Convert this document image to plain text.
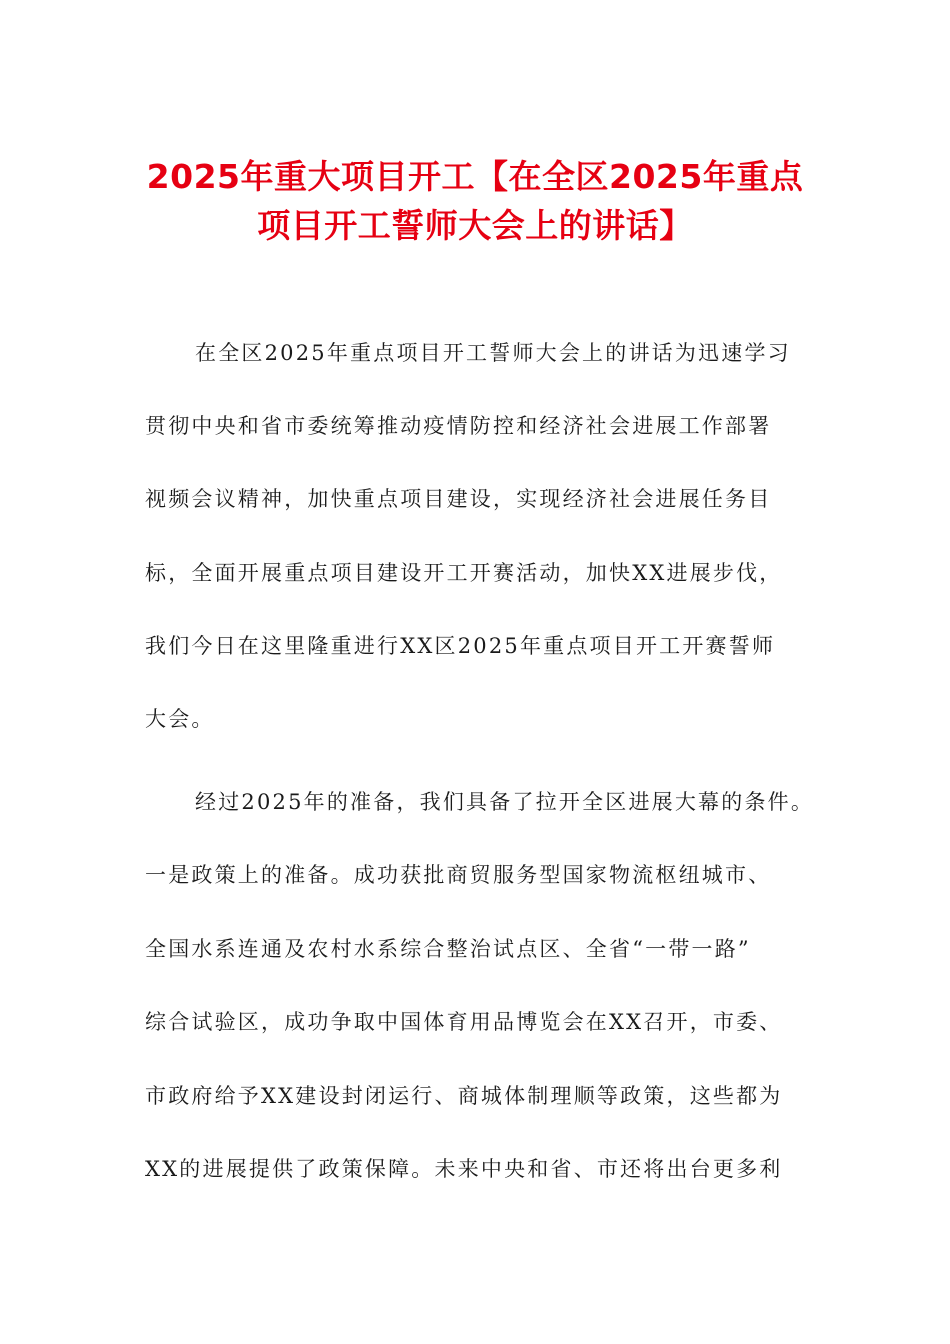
2025年重大项目开工【在全区2025年重点
项目开工誓师大会上的讲话】
在全区2025年重点项目开工誓师大会上的讲话为迅速学习
贯彻中央和省市委统筹推动疫情防控和经济社会进展工作部署
视频会议精神，加快重点项目建设，实现经济社会进展任务目
标，全面开展重点项目建设开工开赛活动，加快XX进展步伐，
我们今日在这里隆重进行XX区2025年重点项目开工开赛誓师
大会。
经过2025年的准备，我们具备了拉开全区进展大幕的条件。
一是政策上的准备。成功获批商贸服务型国家物流枢纽城市、
全国水系连通及农村水系综合整治试点区、全省“一带一路”
综合试验区，成功争取中国体育用品博览会在XX召开，市委、
市政府给予XX建设封闭运行、商城体制理顺等政策，这些都为
XX的进展提供了政策保障。未来中央和省、市还将出台更多利
